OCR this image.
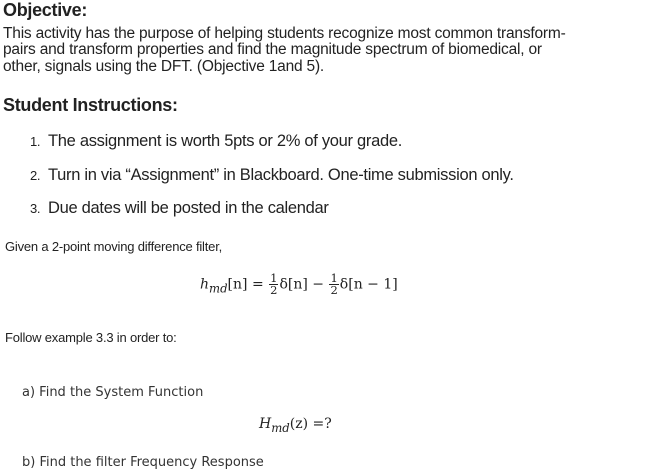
Objective:
This activity has the purpose of helping students recognize most common transform-
pairs and transform properties and find the magnitude spectrum of biomedical, or
other, signals using the DFT. (Objective 1and 5).
Student Instructions:
1. The assignment is worth 5pts or 2% of your grade.
2. Turn in via “Assignment” in Blackboard. One-time submission only.
3. Due dates will be posted in the calendar
Given a 2-point moving difference filter,
$h_{md}[n] = \frac{1}{2} \delta[n] - \frac{1}{2} \delta[n - 1]$
Follow example 3.3 in order to:
a) Find the System Function
$H_{md}(z)$ =?
b) Find the filter Frequency Response
